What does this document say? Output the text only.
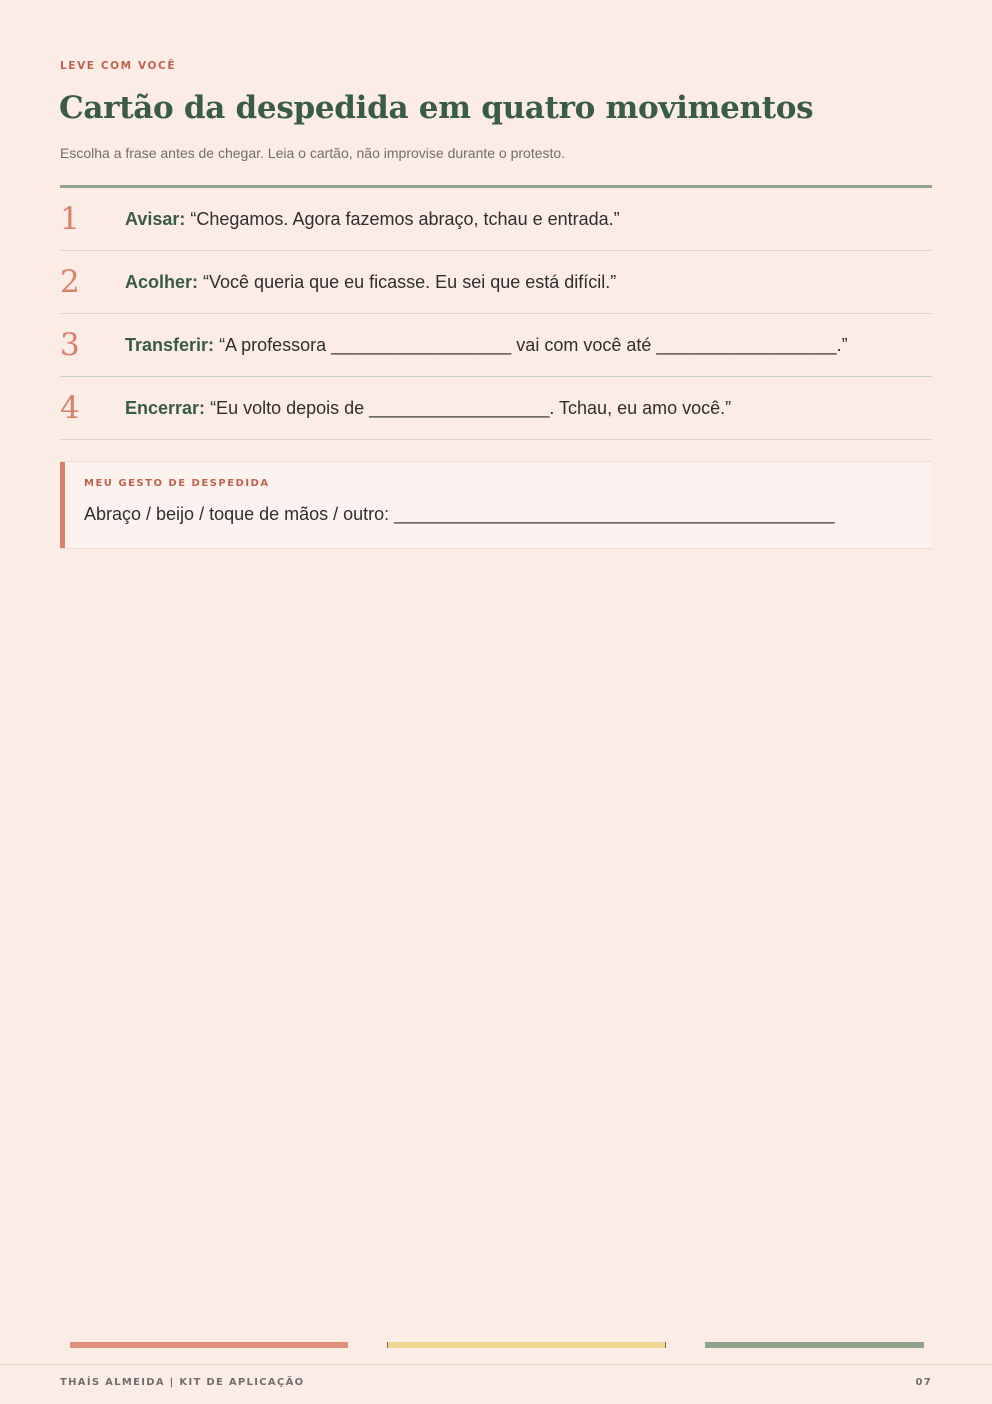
LEVE COM VOCÊ
Cartão da despedida em quatro movimentos
Escolha a frase antes de chegar. Leia o cartão, não improvise durante o protesto.
1	Avisar: “Chegamos. Agora fazemos abraço, tchau e entrada.”
2	Acolher: “Você queria que eu ficasse. Eu sei que está difícil.”
3	Transferir: “A professora __________________ vai com você até __________________.”
4	Encerrar: “Eu volto depois de __________________. Tchau, eu amo você.”
MEU GESTO DE DESPEDIDA
Abraço / beijo / toque de mãos / outro: ____________________________________________
THAÍS ALMEIDA | KIT DE APLICAÇÃO	07
